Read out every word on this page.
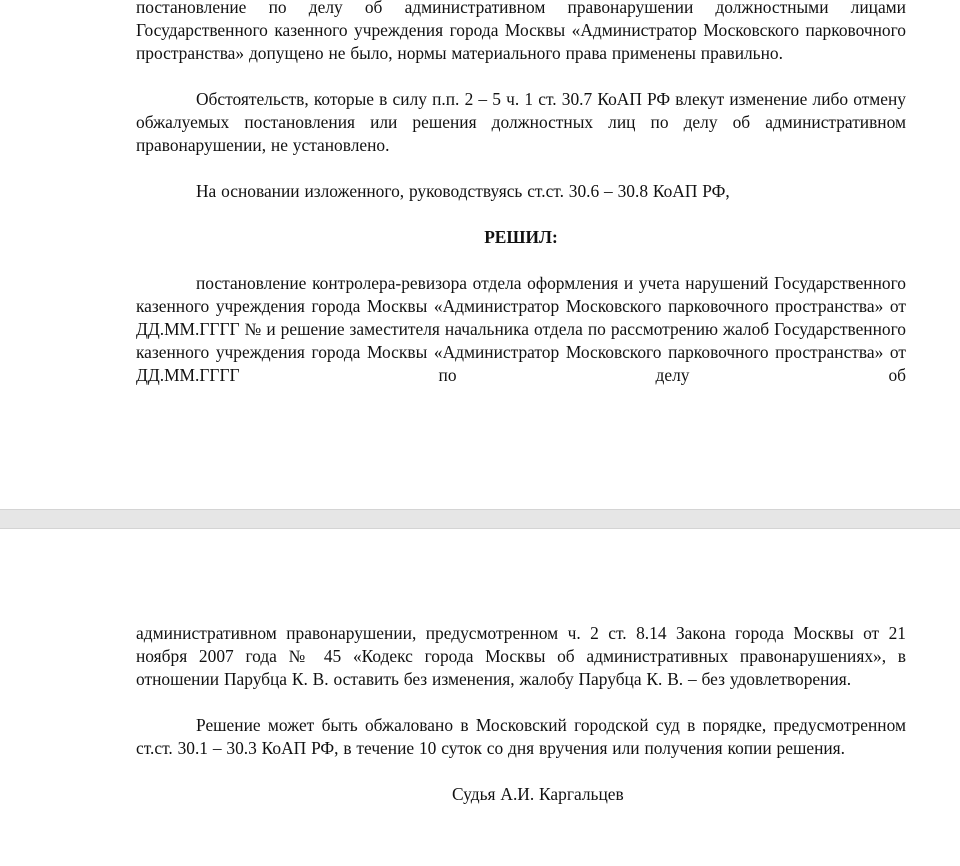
постановление по делу об административном правонарушении должностными лицами Государственного казенного учреждения города Москвы «Администратор Московского парковочного пространства» допущено не было, нормы материального права применены правильно.

Обстоятельств, которые в силу п.п. 2 – 5 ч. 1 ст. 30.7 КоАП РФ влекут изменение либо отмену обжалуемых постановления или решения должностных лиц по делу об административном правонарушении, не установлено.

На основании изложенного, руководствуясь ст.ст. 30.6 – 30.8 КоАП РФ,

РЕШИЛ:

постановление контролера-ревизора отдела оформления и учета нарушений Государственного казенного учреждения города Москвы «Администратор Московского парковочного пространства» от ДД.ММ.ГГГГ № и решение заместителя начальника отдела по рассмотрению жалоб Государственного казенного учреждения города Москвы «Администратор Московского парковочного пространства» от ДД.ММ.ГГГГ по делу об

административном правонарушении, предусмотренном ч. 2 ст. 8.14 Закона города Москвы от 21 ноября 2007 года № 45 «Кодекс города Москвы об административных правонарушениях», в отношении Парубца К. В. оставить без изменения, жалобу Парубца К. В. – без удовлетворения.

Решение может быть обжаловано в Московский городской суд в порядке, предусмотренном ст.ст. 30.1 – 30.3 КоАП РФ, в течение 10 суток со дня вручения или получения копии решения.

Судья А.И. Каргальцев
